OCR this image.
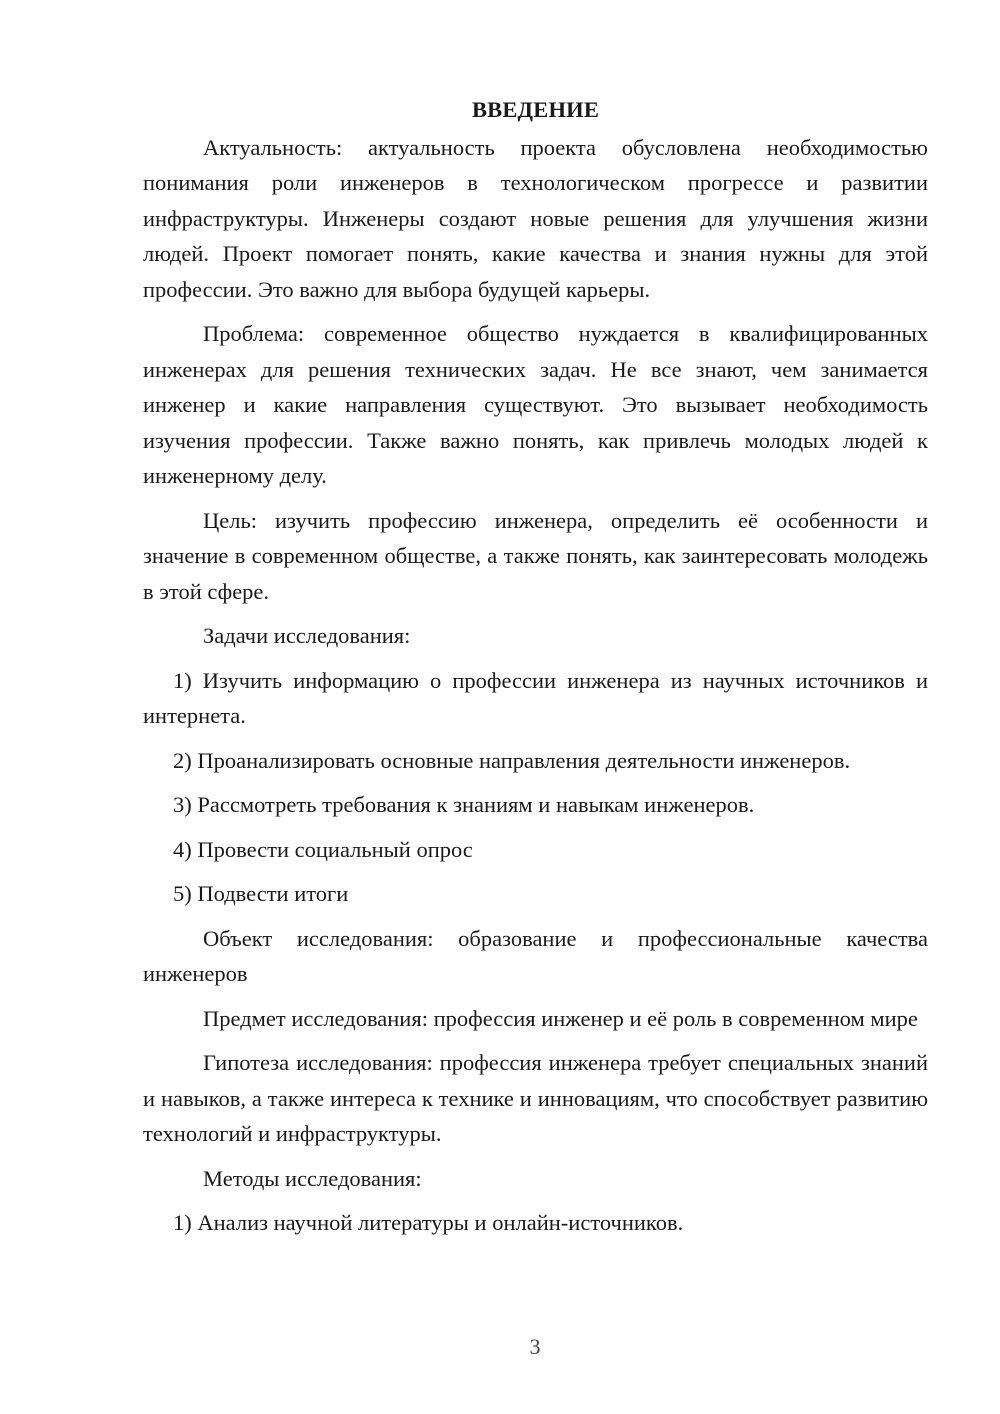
ВВЕДЕНИЕ

Актуальность: актуальность проекта обусловлена необходимостью понимания роли инженеров в технологическом прогрессе и развитии инфраструктуры. Инженеры создают новые решения для улучшения жизни людей. Проект помогает понять, какие качества и знания нужны для этой профессии. Это важно для выбора будущей карьеры.

Проблема: современное общество нуждается в квалифицированных инженерах для решения технических задач. Не все знают, чем занимается инженер и какие направления существуют. Это вызывает необходимость изучения профессии. Также важно понять, как привлечь молодых людей к инженерному делу.

Цель: изучить профессию инженера, определить её особенности и значение в современном обществе, а также понять, как заинтересовать молодежь в этой сфере.

Задачи исследования:

1) Изучить информацию о профессии инженера из научных источников и интернета.

2) Проанализировать основные направления деятельности инженеров.

3) Рассмотреть требования к знаниям и навыкам инженеров.

4) Провести социальный опрос

5) Подвести итоги

Объект исследования: образование и профессиональные качества инженеров

Предмет исследования: профессия инженер и её роль в современном мире

Гипотеза исследования: профессия инженера требует специальных знаний и навыков, а также интереса к технике и инновациям, что способствует развитию технологий и инфраструктуры.

Методы исследования:

1) Анализ научной литературы и онлайн-источников.

3
